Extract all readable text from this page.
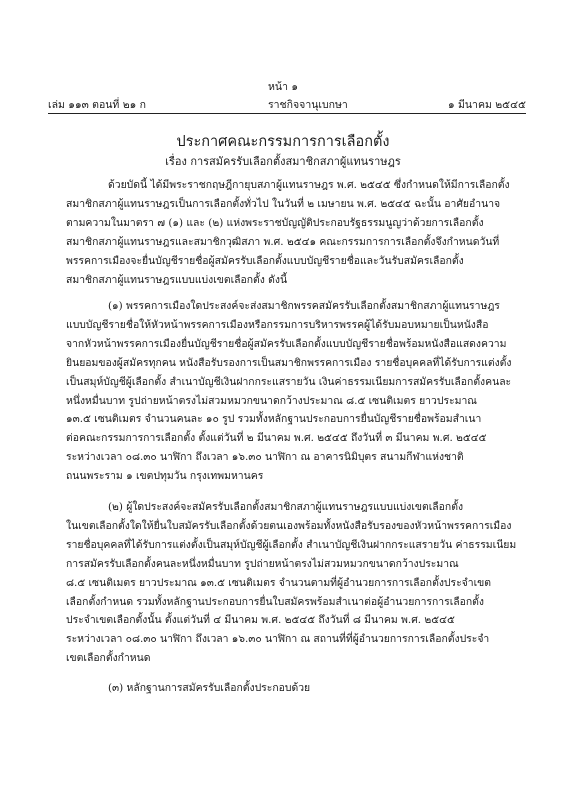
หน้า ๑
เล่ม ๑๑๓ ตอนที่ ๒๑ ก	ราชกิจจานุเบกษา	๑ มีนาคม ๒๕๔๕
ประกาศคณะกรรมการการเลือกตั้ง
เรื่อง การสมัครรับเลือกตั้งสมาชิกสภาผู้แทนราษฎร
ด้วยบัดนี้ ได้มีพระราชกฤษฎีกายุบสภาผู้แทนราษฎร พ.ศ. ๒๕๔๕ ซึ่งกำหนดให้มีการเลือกตั้ง
สมาชิกสภาผู้แทนราษฎรเป็นการเลือกตั้งทั่วไป ในวันที่ ๒ เมษายน พ.ศ. ๒๕๔๕ ฉะนั้น อาศัยอำนาจ
ตามความในมาตรา ๗ (๑) และ (๒) แห่งพระราชบัญญัติประกอบรัฐธรรมนูญว่าด้วยการเลือกตั้ง
สมาชิกสภาผู้แทนราษฎรและสมาชิกวุฒิสภา พ.ศ. ๒๕๔๑ คณะกรรมการการเลือกตั้งจึงกำหนดวันที่
พรรคการเมืองจะยื่นบัญชีรายชื่อผู้สมัครรับเลือกตั้งแบบบัญชีรายชื่อและวันรับสมัครเลือกตั้ง
สมาชิกสภาผู้แทนราษฎรแบบแบ่งเขตเลือกตั้ง ดังนี้
(๑) พรรคการเมืองใดประสงค์จะส่งสมาชิกพรรคสมัครรับเลือกตั้งสมาชิกสภาผู้แทนราษฎร
แบบบัญชีรายชื่อให้หัวหน้าพรรคการเมืองหรือกรรมการบริหารพรรคผู้ได้รับมอบหมายเป็นหนังสือ
จากหัวหน้าพรรคการเมืองยื่นบัญชีรายชื่อผู้สมัครรับเลือกตั้งแบบบัญชีรายชื่อพร้อมหนังสือแสดงความ
ยินยอมของผู้สมัครทุกคน หนังสือรับรองการเป็นสมาชิกพรรคการเมือง รายชื่อบุคคลที่ได้รับการแต่งตั้ง
เป็นสมุห์บัญชีผู้เลือกตั้ง สำเนาบัญชีเงินฝากกระแสรายวัน เงินค่าธรรมเนียมการสมัครรับเลือกตั้งคนละ
หนึ่งหมื่นบาท รูปถ่ายหน้าตรงไม่สวมหมวกขนาดกว้างประมาณ ๘.๕ เซนติเมตร ยาวประมาณ
๑๓.๕ เซนติเมตร จำนวนคนละ ๑๐ รูป รวมทั้งหลักฐานประกอบการยื่นบัญชีรายชื่อพร้อมสำเนา
ต่อคณะกรรมการการเลือกตั้ง ตั้งแต่วันที่ ๒ มีนาคม พ.ศ. ๒๕๔๕ ถึงวันที่ ๓ มีนาคม พ.ศ. ๒๕๔๕
ระหว่างเวลา ๐๘.๓๐ นาฬิกา ถึงเวลา ๑๖.๓๐ นาฬิกา ณ อาคารนิมิบุตร สนามกีฬาแห่งชาติ
ถนนพระราม ๑ เขตปทุมวัน กรุงเทพมหานคร
(๒) ผู้ใดประสงค์จะสมัครรับเลือกตั้งสมาชิกสภาผู้แทนราษฎรแบบแบ่งเขตเลือกตั้ง
ในเขตเลือกตั้งใดให้ยื่นใบสมัครรับเลือกตั้งด้วยตนเองพร้อมทั้งหนังสือรับรองของหัวหน้าพรรคการเมือง
รายชื่อบุคคลที่ได้รับการแต่งตั้งเป็นสมุห์บัญชีผู้เลือกตั้ง สำเนาบัญชีเงินฝากกระแสรายวัน ค่าธรรมเนียม
การสมัครรับเลือกตั้งคนละหนึ่งหมื่นบาท รูปถ่ายหน้าตรงไม่สวมหมวกขนาดกว้างประมาณ
๘.๕ เซนติเมตร ยาวประมาณ ๑๓.๕ เซนติเมตร จำนวนตามที่ผู้อำนวยการการเลือกตั้งประจำเขต
เลือกตั้งกำหนด รวมทั้งหลักฐานประกอบการยื่นใบสมัครพร้อมสำเนาต่อผู้อำนวยการการเลือกตั้ง
ประจำเขตเลือกตั้งนั้น ตั้งแต่วันที่ ๔ มีนาคม พ.ศ. ๒๕๔๕ ถึงวันที่ ๘ มีนาคม พ.ศ. ๒๕๔๕
ระหว่างเวลา ๐๘.๓๐ นาฬิกา ถึงเวลา ๑๖.๓๐ นาฬิกา ณ สถานที่ที่ผู้อำนวยการการเลือกตั้งประจำ
เขตเลือกตั้งกำหนด
(๓) หลักฐานการสมัครรับเลือกตั้งประกอบด้วย
